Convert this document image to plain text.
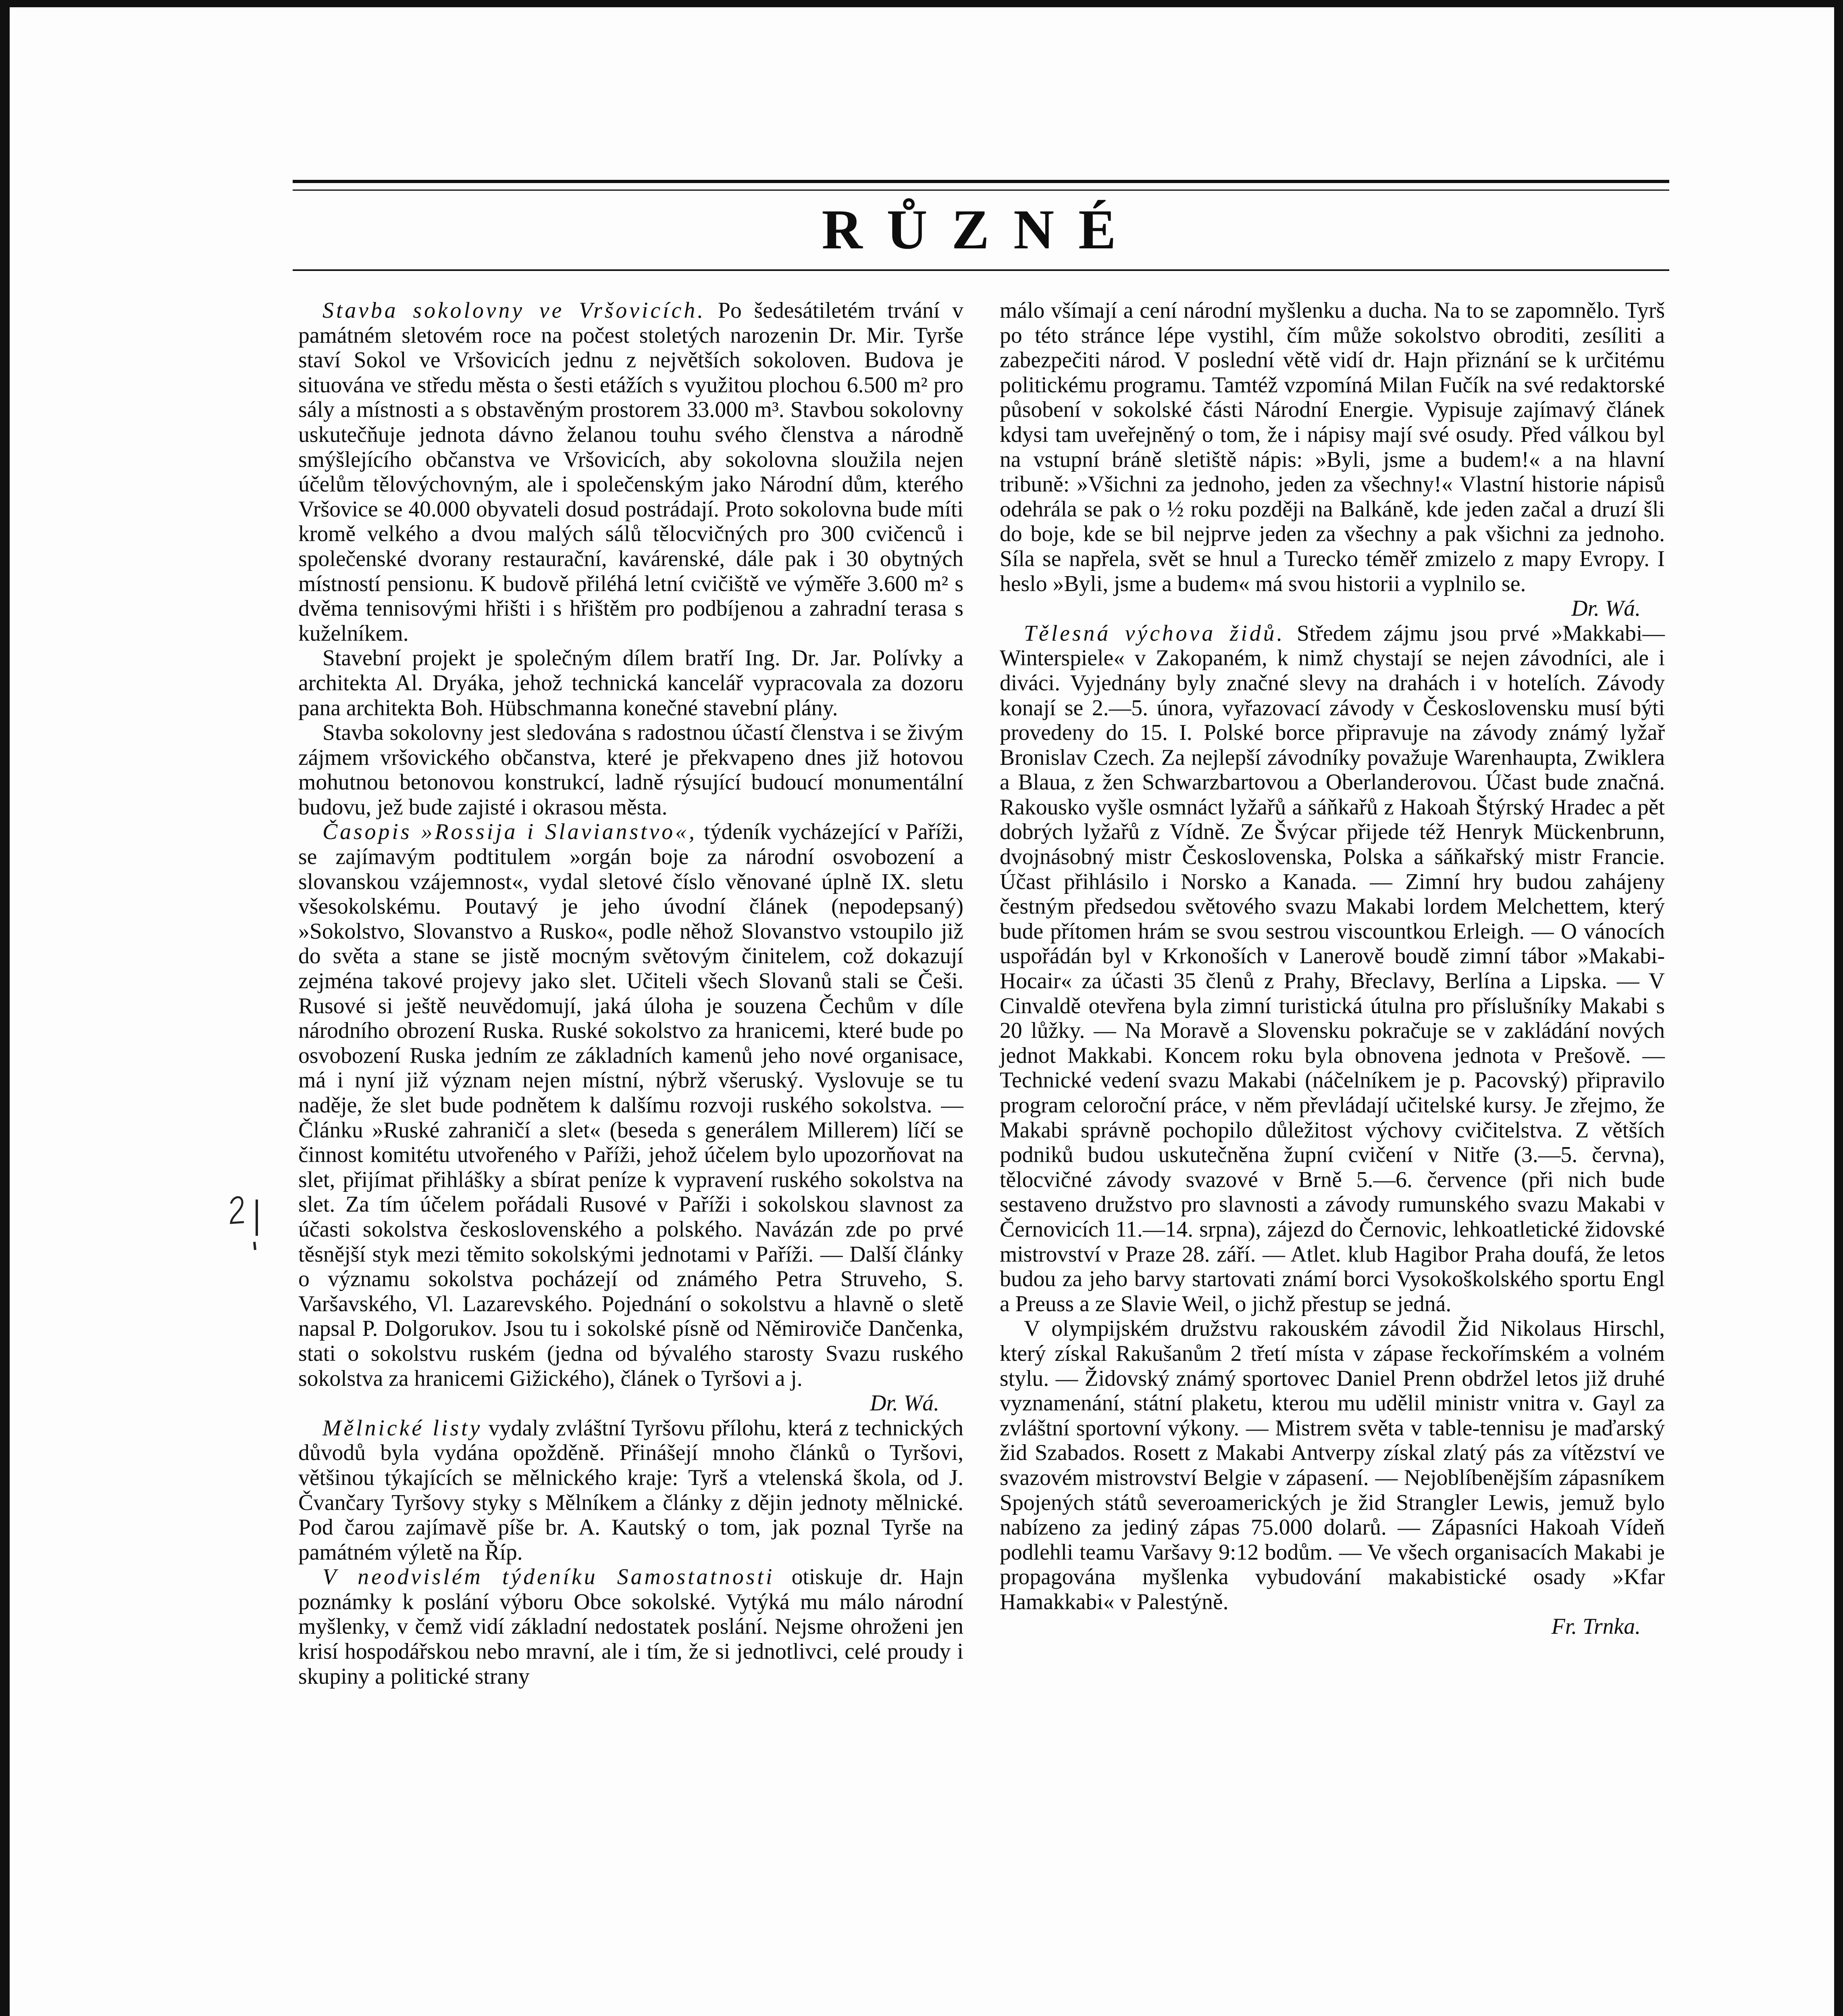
RŮZNÉ

Stavba sokolovny ve Vršovicích. Po šedesátiletém trvání v památném sletovém roce na počest stoletých narozenin Dr. Mir. Tyrše staví Sokol ve Vršovicích jednu z největších sokoloven. Budova je situována ve středu města o šesti etážích s využitou plochou 6.500 m² pro sály a místnosti a s obstavěným prostorem 33.000 m³. Stavbou sokolovny uskutečňuje jednota dávno želanou touhu svého členstva a národně smýšlejícího občanstva ve Vršovicích, aby sokolovna sloužila nejen účelům tělovýchovným, ale i společenským jako Národní dům, kterého Vršovice se 40.000 obyvateli dosud postrádají. Proto sokolovna bude míti kromě velkého a dvou malých sálů tělocvičných pro 300 cvičenců i společenské dvorany restaurační, kavárenské, dále pak i 30 obytných místností pensionu. K budově přiléhá letní cvičiště ve výměře 3.600 m² s dvěma tennisovými hřišti i s hřištěm pro podbíjenou a zahradní terasa s kuželníkem.

Stavební projekt je společným dílem bratří Ing. Dr. Jar. Polívky a architekta Al. Dryáka, jehož technická kancelář vypracovala za dozoru pana architekta Boh. Hübschmanna konečné stavební plány.

Stavba sokolovny jest sledována s radostnou účastí členstva i se živým zájmem vršovického občanstva, které je překvapeno dnes již hotovou mohutnou betonovou konstrukcí, ladně rýsující budoucí monumentální budovu, jež bude zajisté i okrasou města.

Časopis »Rossija i Slavianstvo«, týdeník vycházející v Paříži, se zajímavým podtitulem »orgán boje za národní osvobození a slovanskou vzájemnost«, vydal sletové číslo věnované úplně IX. sletu všesokolskému. Poutavý je jeho úvodní článek (nepodepsaný) »Sokolstvo, Slovanstvo a Rusko«, podle něhož Slovanstvo vstoupilo již do světa a stane se jistě mocným světovým činitelem, což dokazují zejména takové projevy jako slet. Učiteli všech Slovanů stali se Češi. Rusové si ještě neuvědomují, jaká úloha je souzena Čechům v díle národního obrození Ruska. Ruské sokolstvo za hranicemi, které bude po osvobození Ruska jedním ze základních kamenů jeho nové organisace, má i nyní již význam nejen místní, nýbrž všeruský. Vyslovuje se tu naděje, že slet bude podnětem k dalšímu rozvoji ruského sokolstva. — Článku »Ruské zahraničí a slet« (beseda s generálem Millerem) líčí se činnost komitétu utvořeného v Paříži, jehož účelem bylo upozorňovat na slet, přijímat přihlášky a sbírat peníze k vypravení ruského sokolstva na slet. Za tím účelem pořádali Rusové v Paříži i sokolskou slavnost za účasti sokolstva československého a polského. Navázán zde po prvé těsnější styk mezi těmito sokolskými jednotami v Paříži. — Další články o významu sokolstva pocházejí od známého Petra Struveho, S. Varšavského, Vl. Lazarevského. Pojednání o sokolstvu a hlavně o sletě napsal P. Dolgorukov. Jsou tu i sokolské písně od Němiroviče Dančenka, stati o sokolstvu ruském (jedna od bývalého starosty Svazu ruského sokolstva za hranicemi Gižického), článek o Tyršovi a j.

Dr. Wá.

Mělnické listy vydaly zvláštní Tyršovu přílohu, která z technických důvodů byla vydána opožděně. Přinášejí mnoho článků o Tyršovi, většinou týkajících se mělnického kraje: Tyrš a vtelenská škola, od J. Čvančary Tyršovy styky s Mělníkem a články z dějin jednoty mělnické. Pod čarou zajímavě píše br. A. Kautský o tom, jak poznal Tyrše na památném výletě na Říp.

V neodvislém týdeníku Samostatnosti otiskuje dr. Hajn poznámky k poslání výboru Obce sokolské. Vytýká mu málo národní myšlenky, v čemž vidí základní nedostatek poslání. Nejsme ohroženi jen krisí hospodářskou nebo mravní, ale i tím, že si jednotlivci, celé proudy i skupiny a politické strany

málo všímají a cení národní myšlenku a ducha. Na to se zapomnělo. Tyrš po této stránce lépe vystihl, čím může sokolstvo obroditi, zesíliti a zabezpečiti národ. V poslední větě vidí dr. Hajn přiznání se k určitému politickému programu. Tamtéž vzpomíná Milan Fučík na své redaktorské působení v sokolské části Národní Energie. Vypisuje zajímavý článek kdysi tam uveřejněný o tom, že i nápisy mají své osudy. Před válkou byl na vstupní bráně sletiště nápis: »Byli, jsme a budem!« a na hlavní tribuně: »Všichni za jednoho, jeden za všechny!« Vlastní historie nápisů odehrála se pak o ½ roku později na Balkáně, kde jeden začal a druzí šli do boje, kde se bil nejprve jeden za všechny a pak všichni za jednoho. Síla se napřela, svět se hnul a Turecko téměř zmizelo z mapy Evropy. I heslo »Byli, jsme a budem« má svou historii a vyplnilo se.

Dr. Wá.

Tělesná výchova židů. Středem zájmu jsou prvé »Makkabi—Winterspiele« v Zakopaném, k nimž chystají se nejen závodníci, ale i diváci. Vyjednány byly značné slevy na drahách i v hotelích. Závody konají se 2.—5. února, vyřazovací závody v Československu musí býti provedeny do 15. I. Polské borce připravuje na závody známý lyžař Bronislav Czech. Za nejlepší závodníky považuje Warenhaupta, Zwiklera a Blaua, z žen Schwarzbartovou a Oberlanderovou. Účast bude značná. Rakousko vyšle osmnáct lyžařů a sáňkařů z Hakoah Štýrský Hradec a pět dobrých lyžařů z Vídně. Ze Švýcar přijede též Henryk Mückenbrunn, dvojnásobný mistr Československa, Polska a sáňkařský mistr Francie. Účast přihlásilo i Norsko a Kanada. — Zimní hry budou zahájeny čestným předsedou světového svazu Makabi lordem Melchettem, který bude přítomen hrám se svou sestrou viscountkou Erleigh. — O vánocích uspořádán byl v Krkonoších v Lanerově boudě zimní tábor »Makabi-Hocair« za účasti 35 členů z Prahy, Břeclavy, Berlína a Lipska. — V Cinvaldě otevřena byla zimní turistická útulna pro příslušníky Makabi s 20 lůžky. — Na Moravě a Slovensku pokračuje se v zakládání nových jednot Makkabi. Koncem roku byla obnovena jednota v Prešově. — Technické vedení svazu Makabi (náčelníkem je p. Pacovský) připravilo program celoroční práce, v něm převládají učitelské kursy. Je zřejmo, že Makabi správně pochopilo důležitost výchovy cvičitelstva. Z větších podniků budou uskutečněna župní cvičení v Nitře (3.—5. června), tělocvičné závody svazové v Brně 5.—6. července (při nich bude sestaveno družstvo pro slavnosti a závody rumunského svazu Makabi v Černovicích 11.—14. srpna), zájezd do Černovic, lehkoatletické židovské mistrovství v Praze 28. září. — Atlet. klub Hagibor Praha doufá, že letos budou za jeho barvy startovati známí borci Vysokoškolského sportu Engl a Preuss a ze Slavie Weil, o jichž přestup se jedná.

V olympijském družstvu rakouském závodil Žid Nikolaus Hirschl, který získal Rakušanům 2 třetí místa v zápase řeckořímském a volném stylu. — Židovský známý sportovec Daniel Prenn obdržel letos již druhé vyznamenání, státní plaketu, kterou mu udělil ministr vnitra v. Gayl za zvláštní sportovní výkony. — Mistrem světa v table-tennisu je maďarský žid Szabados. Rosett z Makabi Antverpy získal zlatý pás za vítězství ve svazovém mistrovství Belgie v zápasení. — Nejoblíbenějším zápasníkem Spojených států severoamerických je žid Strangler Lewis, jemuž bylo nabízeno za jediný zápas 75.000 dolarů. — Zápasníci Hakoah Vídeň podlehli teamu Varšavy 9:12 bodům. — Ve všech organisacích Makabi je propagována myšlenka vybudování makabistické osady »Kfar Hamakkabi« v Palestýně.

Fr. Trnka.
